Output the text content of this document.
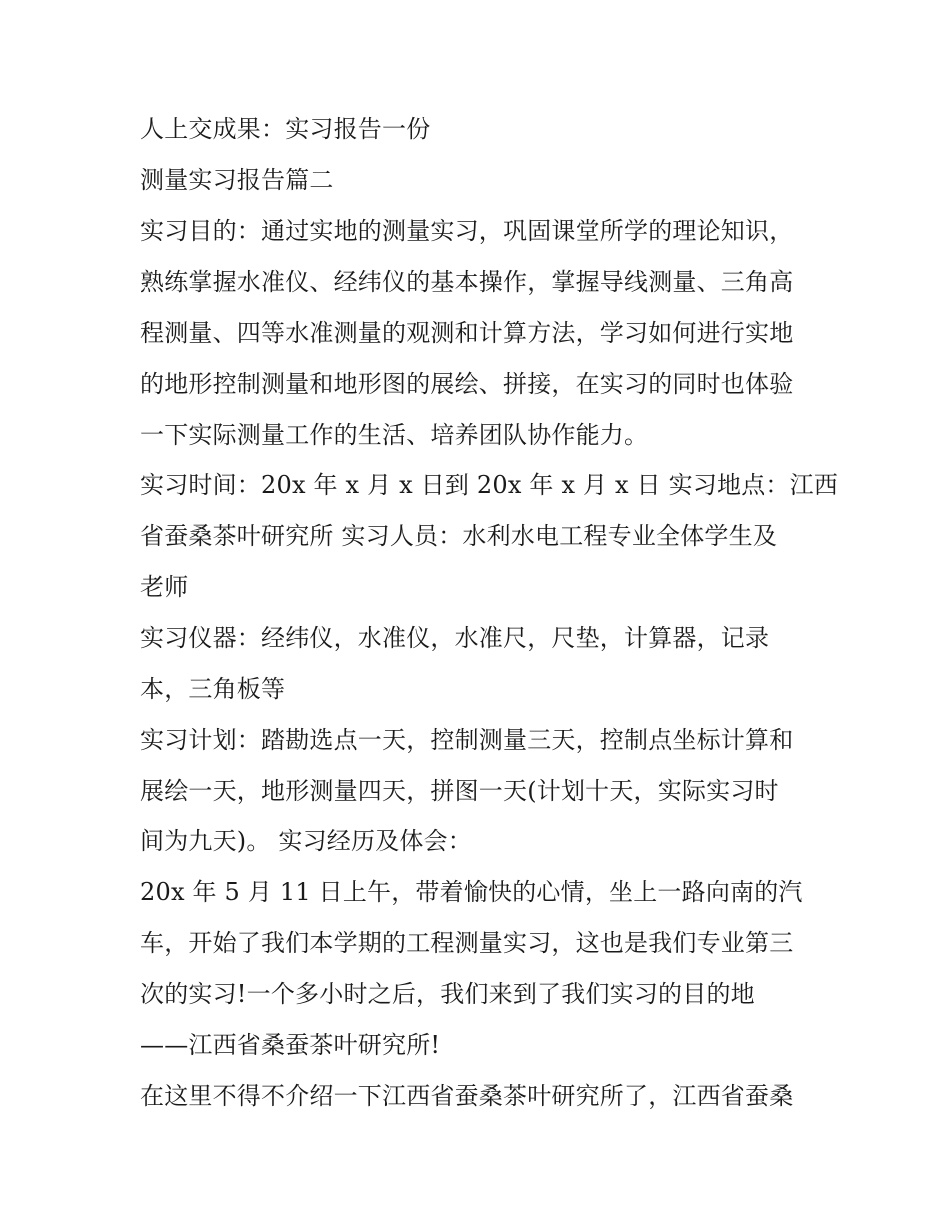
人上交成果：实习报告一份
测量实习报告篇二
实习目的：通过实地的测量实习，巩固课堂所学的理论知识，
熟练掌握水准仪、经纬仪的基本操作，掌握导线测量、三角高
程测量、四等水准测量的观测和计算方法，学习如何进行实地
的地形控制测量和地形图的展绘、拼接，在实习的同时也体验
一下实际测量工作的生活、培养团队协作能力。
实习时间：20x 年 x 月 x 日到 20x 年 x 月 x 日 实习地点：江西
省蚕桑茶叶研究所 实习人员：水利水电工程专业全体学生及
老师
实习仪器：经纬仪，水准仪，水准尺，尺垫，计算器，记录
本，三角板等
实习计划：踏勘选点一天，控制测量三天，控制点坐标计算和
展绘一天，地形测量四天，拼图一天(计划十天，实际实习时
间为九天)。 实习经历及体会：
20x 年 5 月 11 日上午，带着愉快的心情，坐上一路向南的汽
车，开始了我们本学期的工程测量实习，这也是我们专业第三
次的实习!一个多小时之后，我们来到了我们实习的目的地
——江西省桑蚕茶叶研究所!
在这里不得不介绍一下江西省蚕桑茶叶研究所了，江西省蚕桑
